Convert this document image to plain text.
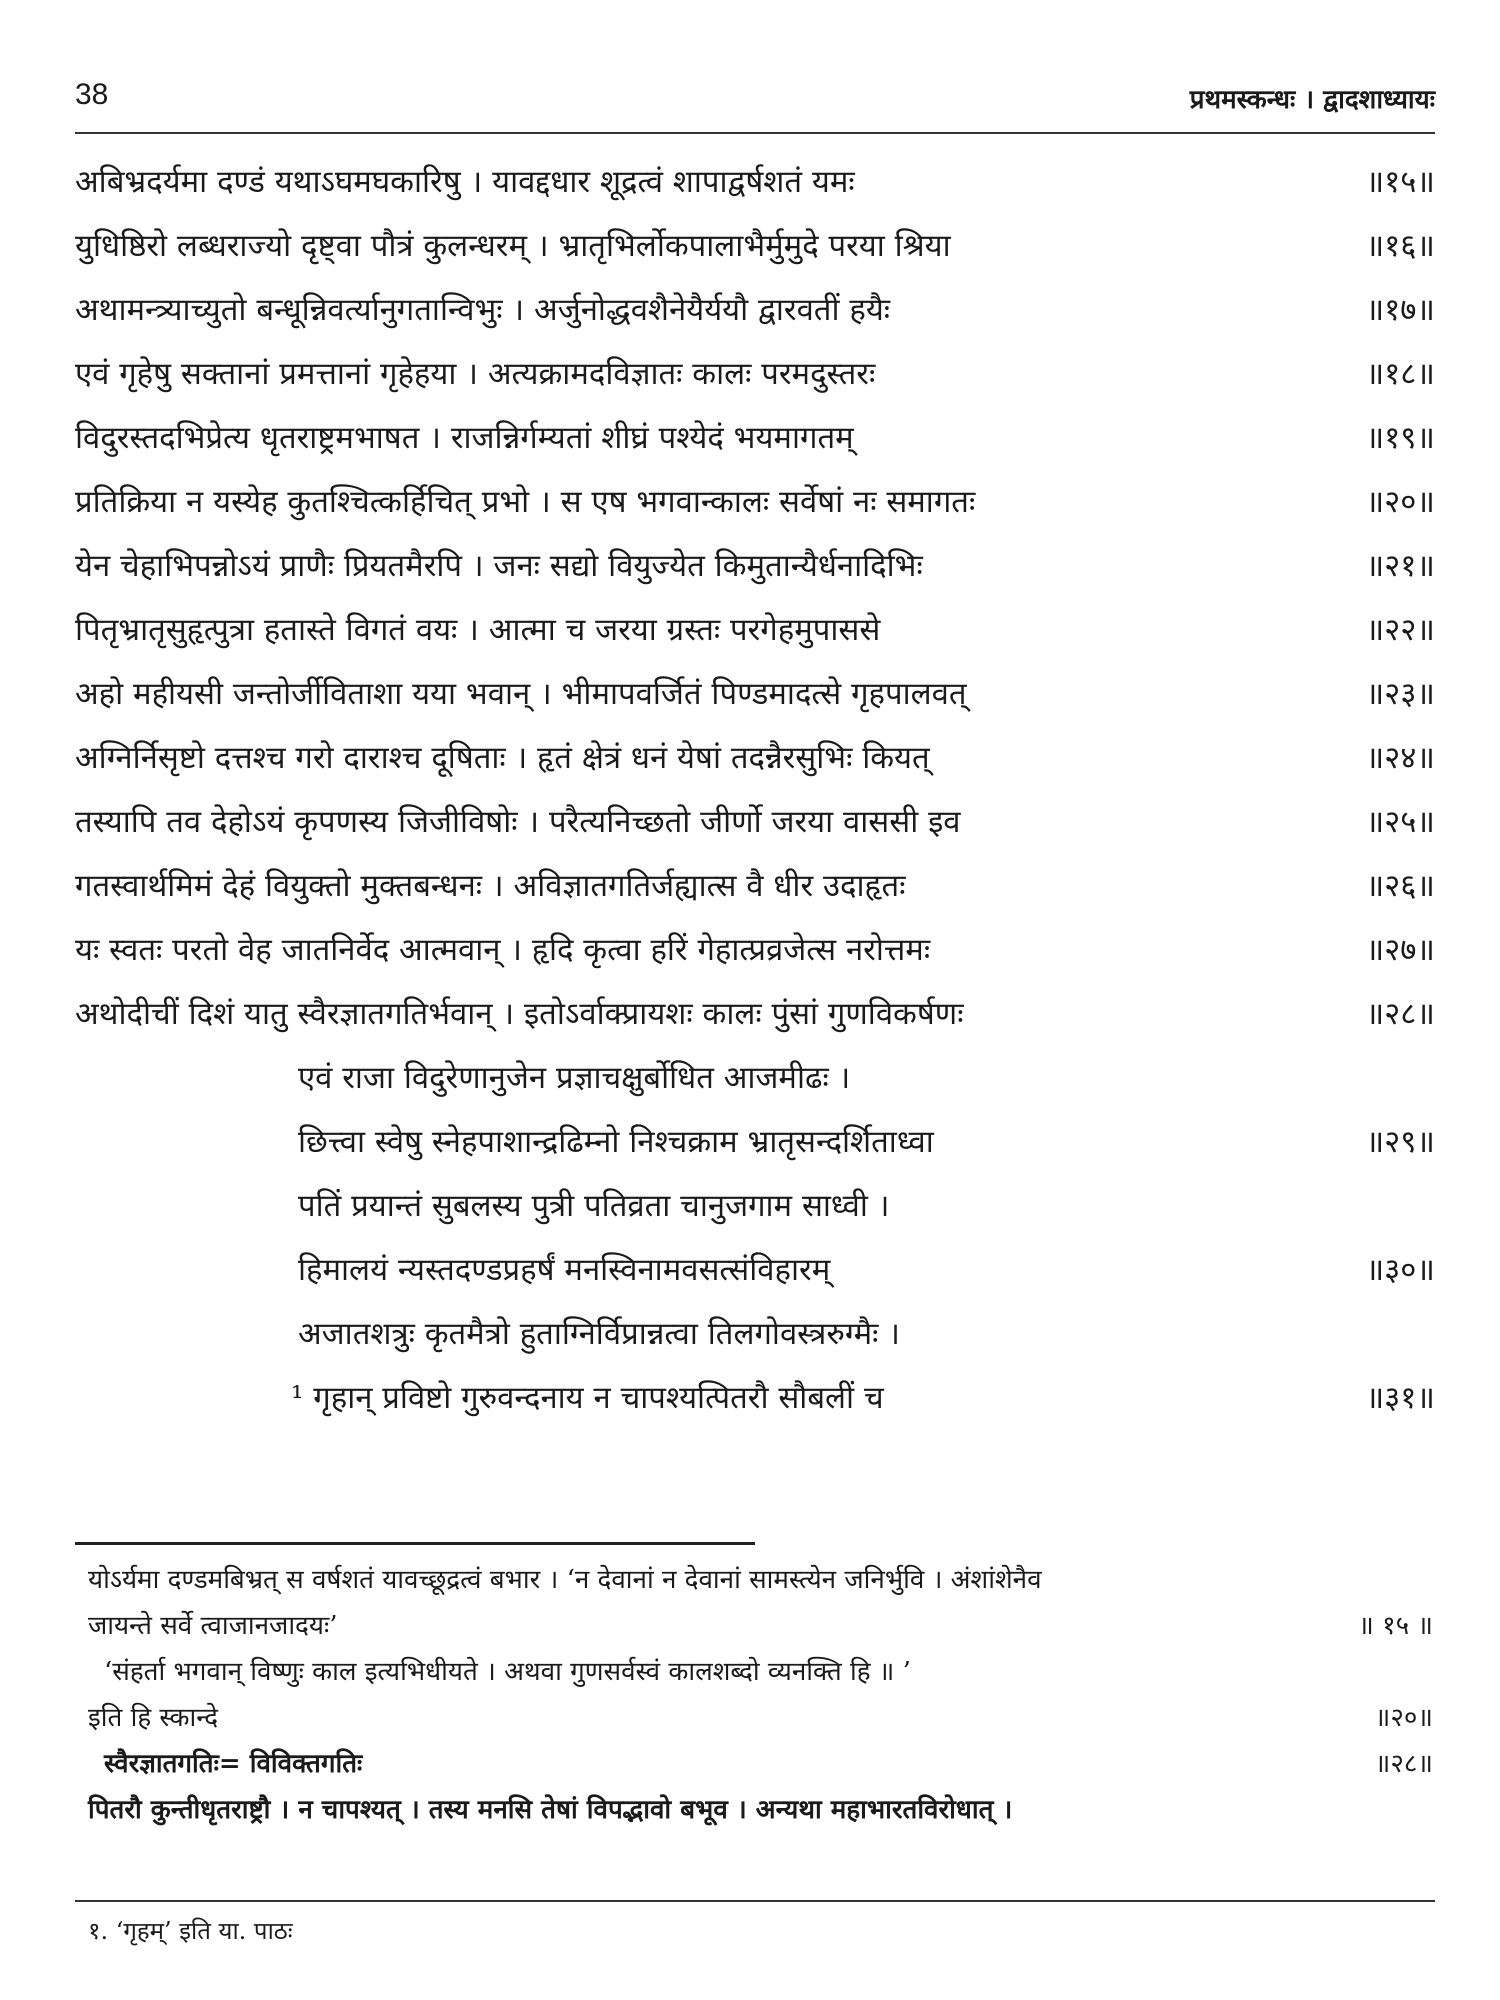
38	प्रथमस्कन्धः । द्वादशाध्यायः
अबिभ्रदर्यमा दण्डं यथाऽघमघकारिषु । यावद्दधार शूद्रत्वं शापाद्वर्षशतं यमः	॥१५॥
युधिष्ठिरो लब्धराज्यो दृष्ट्वा पौत्रं कुलन्धरम् । भ्रातृभिर्लोकपालाभैर्मुमुदे परया श्रिया	॥१६॥
अथामन्त्र्याच्युतो बन्धून्निवर्त्यानुगतान्विभुः । अर्जुनोद्धवशैनेयैर्ययौ द्वारवतीं हयैः	॥१७॥
एवं गृहेषु सक्तानां प्रमत्तानां गृहेहया । अत्यक्रामदविज्ञातः कालः परमदुस्तरः	॥१८॥
विदुरस्तदभिप्रेत्य धृतराष्ट्रमभाषत । राजन्निर्गम्यतां शीघ्रं पश्येदं भयमागतम्	॥१९॥
प्रतिक्रिया न यस्येह कुतश्चित्कर्हिचित् प्रभो । स एष भगवान्कालः सर्वेषां नः समागतः	॥२०॥
येन चेहाभिपन्नोऽयं प्राणैः प्रियतमैरपि । जनः सद्यो वियुज्येत किमुतान्यैर्धनादिभिः	॥२१॥
पितृभ्रातृसुहृत्पुत्रा हतास्ते विगतं वयः । आत्मा च जरया ग्रस्तः परगेहमुपाससे	॥२२॥
अहो महीयसी जन्तोर्जीविताशा यया भवान् । भीमापवर्जितं पिण्डमादत्से गृहपालवत्	॥२३॥
अग्निर्निसृष्टो दत्तश्च गरो दाराश्च दूषिताः । हृतं क्षेत्रं धनं येषां तदन्नैरसुभिः कियत्	॥२४॥
तस्यापि तव देहोऽयं कृपणस्य जिजीविषोः । परैत्यनिच्छतो जीर्णो जरया वाससी इव	॥२५॥
गतस्वार्थमिमं देहं वियुक्तो मुक्तबन्धनः । अविज्ञातगतिर्जह्यात्स वै धीर उदाहृतः	॥२६॥
यः स्वतः परतो वेह जातनिर्वेद आत्मवान् । हृदि कृत्वा हरिं गेहात्प्रव्रजेत्स नरोत्तमः	॥२७॥
अथोदीचीं दिशं यातु स्वैरज्ञातगतिर्भवान् । इतोऽर्वाक्प्रायशः कालः पुंसां गुणविकर्षणः	॥२८॥
एवं राजा विदुरेणानुजेन प्रज्ञाचक्षुर्बोधित आजमीढः ।
छित्त्वा स्वेषु स्नेहपाशान्द्रढिम्नो निश्चक्राम भ्रातृसन्दर्शिताध्वा	॥२९॥
पतिं प्रयान्तं सुबलस्य पुत्री पतिव्रता चानुजगाम साध्वी ।
हिमालयं न्यस्तदण्डप्रहर्षं मनस्विनामवसत्संविहारम्	॥३०॥
अजातशत्रुः कृतमैत्रो हुताग्निर्विप्रान्नत्वा तिलगोवस्त्ररुग्मैः ।
¹ गृहान् प्रविष्टो गुरुवन्दनाय न चापश्यत्पितरौ सौबलीं च	॥३१॥
योऽर्यमा दण्डमबिभ्रत् स वर्षशतं यावच्छूद्रत्वं बभार । ‘न देवानां न देवानां सामस्त्येन जनिर्भुवि । अंशांशेनैव
जायन्ते सर्वे त्वाजानजादयः’	॥ १५ ॥
‘संहर्ता भगवान् विष्णुः काल इत्यभिधीयते । अथवा गुणसर्वस्वं कालशब्दो व्यनक्ति हि ॥ ’
इति हि स्कान्दे	॥२०॥
स्वैरज्ञातगतिः= विविक्तगतिः	॥२८॥
पितरौ कुन्तीधृतराष्ट्रौ । न चापश्यत् । तस्य मनसि तेषां विपद्भावो बभूव । अन्यथा महाभारतविरोधात् ।
१. ‘गृहम्’ इति या. पाठः
